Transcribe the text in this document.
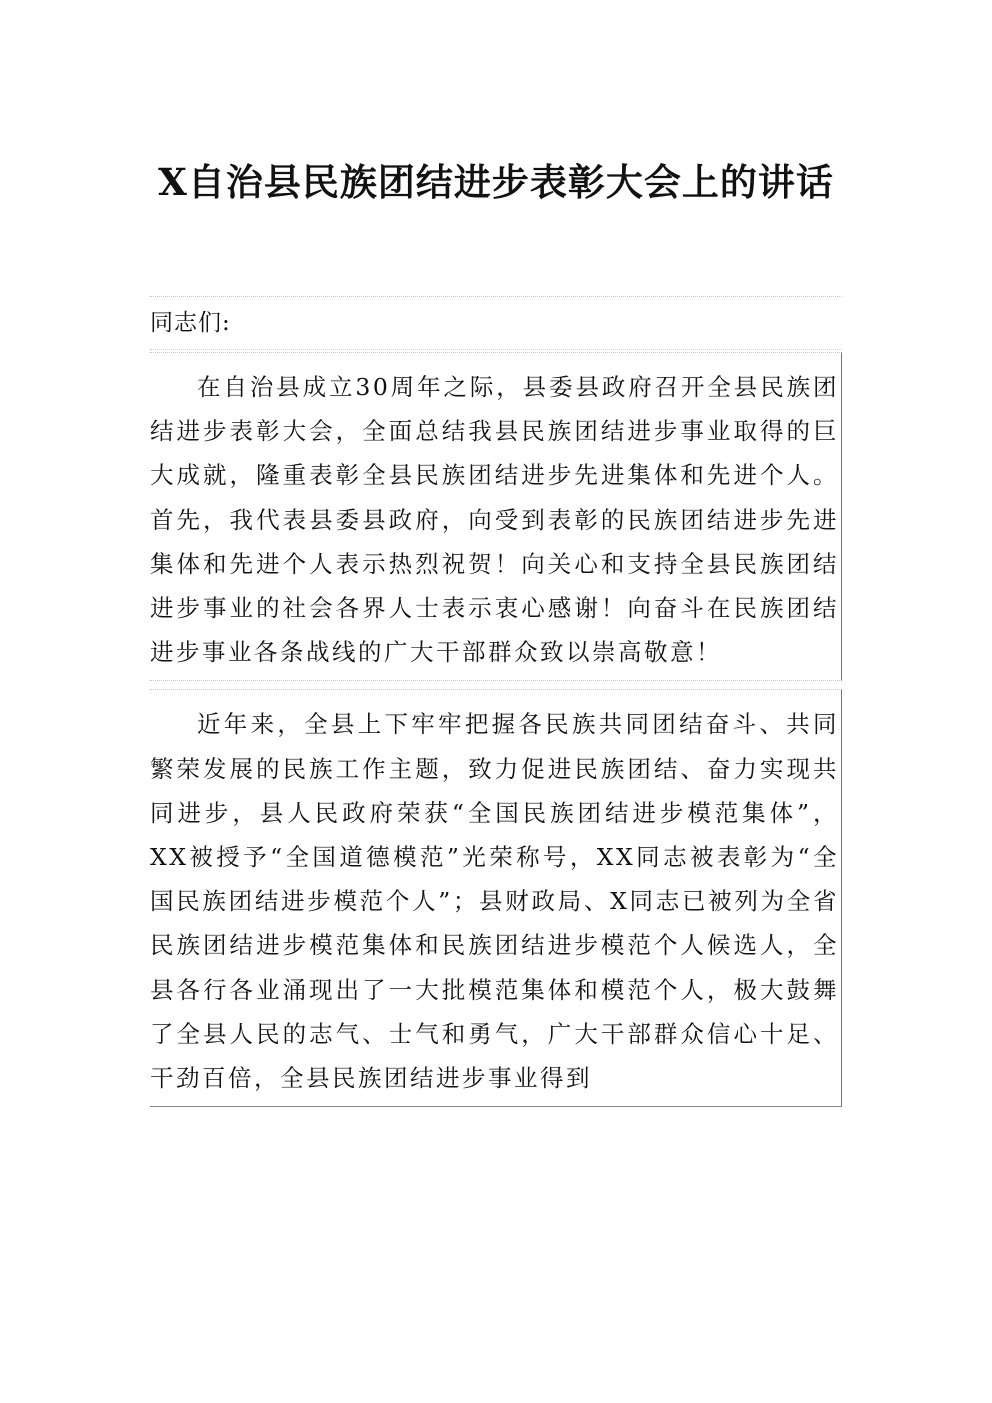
X自治县民族团结进步表彰大会上的讲话
同志们:
在自治县成立30周年之际，县委县政府召开全县民族团结进步表彰大会，全面总结我县民族团结进步事业取得的巨大成就，隆重表彰全县民族团结进步先进集体和先进个人。首先，我代表县委县政府，向受到表彰的民族团结进步先进集体和先进个人表示热烈祝贺！向关心和支持全县民族团结进步事业的社会各界人士表示衷心感谢！向奋斗在民族团结进步事业各条战线的广大干部群众致以崇高敬意！
近年来，全县上下牢牢把握各民族共同团结奋斗、共同繁荣发展的民族工作主题，致力促进民族团结、奋力实现共同进步，县人民政府荣获“全国民族团结进步模范集体”，XX被授予“全国道德模范”光荣称号，XX同志被表彰为“全国民族团结进步模范个人”；县财政局、X同志已被列为全省民族团结进步模范集体和民族团结进步模范个人候选人，全县各行各业涌现出了一大批模范集体和模范个人，极大鼓舞了全县人民的志气、士气和勇气，广大干部群众信心十足、干劲百倍，全县民族团结进步事业得到
